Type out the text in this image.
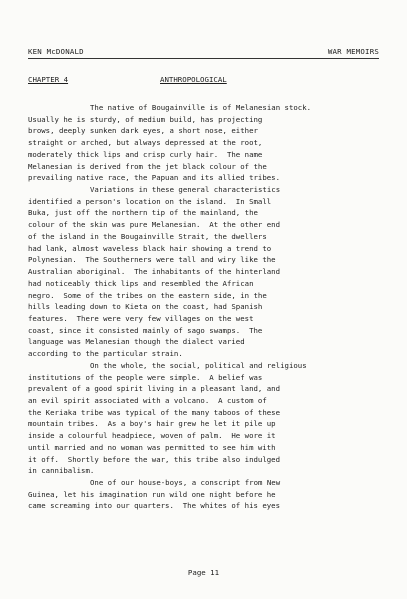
KEN McDONALD	WAR MEMOIRS
CHAPTER 4	ANTHROPOLOGICAL
The native of Bougainville is of Melanesian stock.
Usually he is sturdy, of medium build, has projecting
brows, deeply sunken dark eyes, a short nose, either
straight or arched, but always depressed at the root,
moderately thick lips and crisp curly hair.  The name
Melanesian is derived from the jet black colour of the
prevailing native race, the Papuan and its allied tribes.
Variations in these general characteristics
identified a person's location on the island.  In Small
Buka, just off the northern tip of the mainland, the
colour of the skin was pure Melanesian.  At the other end
of the island in the Bougainville Strait, the dwellers
had lank, almost waveless black hair showing a trend to
Polynesian.  The Southerners were tall and wiry like the
Australian aboriginal.  The inhabitants of the hinterland
had noticeably thick lips and resembled the African
negro.  Some of the tribes on the eastern side, in the
hills leading down to Kieta on the coast, had Spanish
features.  There were very few villages on the west
coast, since it consisted mainly of sago swamps.  The
language was Melanesian though the dialect varied
according to the particular strain.
On the whole, the social, political and religious
institutions of the people were simple.  A belief was
prevalent of a good spirit living in a pleasant land, and
an evil spirit associated with a volcano.  A custom of
the Keriaka tribe was typical of the many taboos of these
mountain tribes.  As a boy's hair grew he let it pile up
inside a colourful headpiece, woven of palm.  He wore it
until married and no woman was permitted to see him with
it off.  Shortly before the war, this tribe also indulged
in cannibalism.
One of our house-boys, a conscript from New
Guinea, let his imagination run wild one night before he
came screaming into our quarters.  The whites of his eyes
Page 11
